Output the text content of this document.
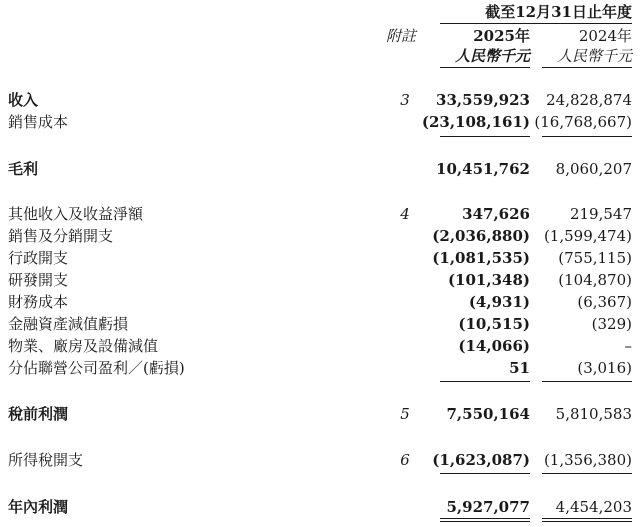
截至12月31日止年度
附註	2025年	2024年
人民幣千元 人民幣千元
收入	3	33,559,923 24,828,874
銷售成本	(23,108,161) (16,768,667)
毛利	10,451,762 8,060,207
其他收入及收益淨額	4	347,626	219,547
銷售及分銷開支	(2,036,880) (1,599,474)
行政開支	(1,081,535) (755,115)
研發開支	(101,348) (104,870)
財務成本	(4,931)	(6,367)
金融資產減值虧損	(10,515)	(329)
物業、廠房及設備減值	(14,066)	–
分佔聯營公司盈利／(虧損)	51	(3,016)
稅前利潤	5	7,550,164 5,810,583
所得稅開支	6	(1,623,087) (1,356,380)
年內利潤	5,927,077 4,454,203
